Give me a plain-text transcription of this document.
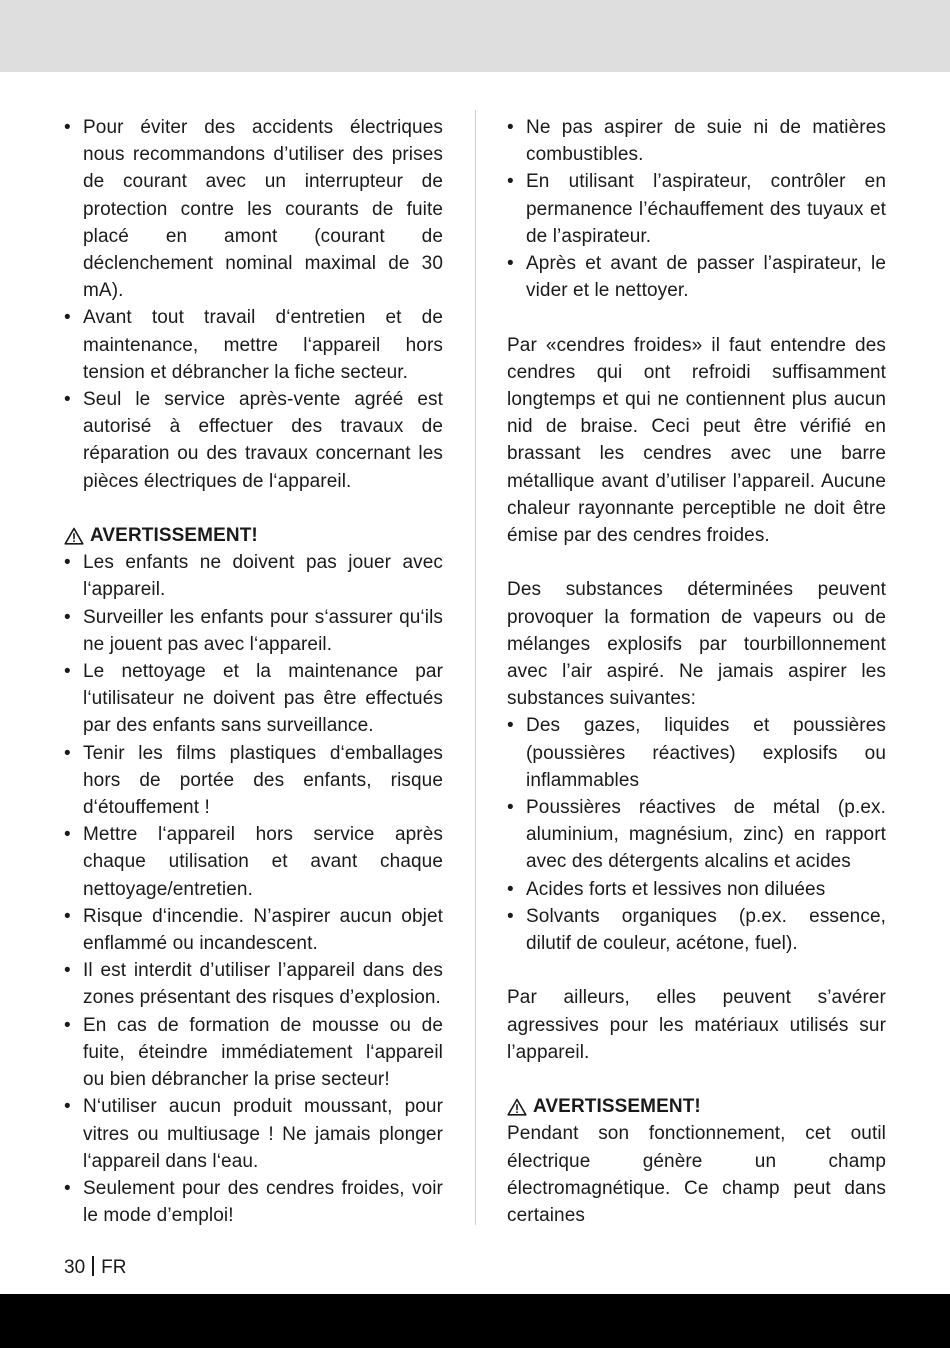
• Pour éviter des accidents électriques nous recommandons d’utiliser des prises de courant avec un interrupteur de protection contre les courants de fuite placé en amont (courant de déclenchement nominal maximal de 30 mA).
• Avant tout travail d‘entretien et de maintenance, mettre l‘appareil hors tension et débrancher la fiche secteur.
• Seul le service après-vente agréé est autorisé à effectuer des travaux de réparation ou des travaux concernant les pièces électriques de l‘appareil.
AVERTISSEMENT!
• Les enfants ne doivent pas jouer avec l‘appareil.
• Surveiller les enfants pour s‘assurer qu‘ils ne jouent pas avec l‘appareil.
• Le nettoyage et la maintenance par l‘utilisateur ne doivent pas être effectués par des enfants sans surveillance.
• Tenir les films plastiques d‘emballages hors de portée des enfants, risque d‘étouffement !
• Mettre l‘appareil hors service après chaque utilisation et avant chaque nettoyage/entretien.
• Risque d‘incendie. N’aspirer aucun objet enflammé ou incandescent.
• Il est interdit d’utiliser l’appareil dans des zones présentant des risques d’explosion.
• En cas de formation de mousse ou de fuite, éteindre immédiatement l‘appareil ou bien débrancher la prise secteur!
• N‘utiliser aucun produit moussant, pour vitres ou multiusage ! Ne jamais plonger l‘appareil dans l‘eau.
• Seulement pour des cendres froides, voir le mode d’emploi!
• Ne pas aspirer de suie ni de matières combustibles.
• En utilisant l’aspirateur, contrôler en permanence l’échauffement des tuyaux et de l’aspirateur.
• Après et avant de passer l’aspirateur, le vider et le nettoyer.

Par «cendres froides» il faut entendre des cendres qui ont refroidi suffisamment longtemps et qui ne contiennent plus aucun nid de braise. Ceci peut être vérifié en brassant les cendres avec une barre métallique avant d’utiliser l’appareil. Aucune chaleur rayonnante perceptible ne doit être émise par des cendres froides.

Des substances déterminées peuvent provoquer la formation de vapeurs ou de mélanges explosifs par tourbillonnement avec l’air aspiré. Ne jamais aspirer les substances suivantes:

• Des gazes, liquides et poussières (poussières réactives) explosifs ou inflammables
• Poussières réactives de métal (p.ex. aluminium, magnésium, zinc) en rapport avec des détergents alcalins et acides
• Acides forts et lessives non diluées
• Solvants organiques (p.ex. essence, dilutif de couleur, acétone, fuel).

Par ailleurs, elles peuvent s’avérer agressives pour les matériaux utilisés sur l’appareil.

AVERTISSEMENT!

Pendant son fonctionnement, cet outil électrique génère un champ électromagnétique. Ce champ peut dans certaines

30 FR
